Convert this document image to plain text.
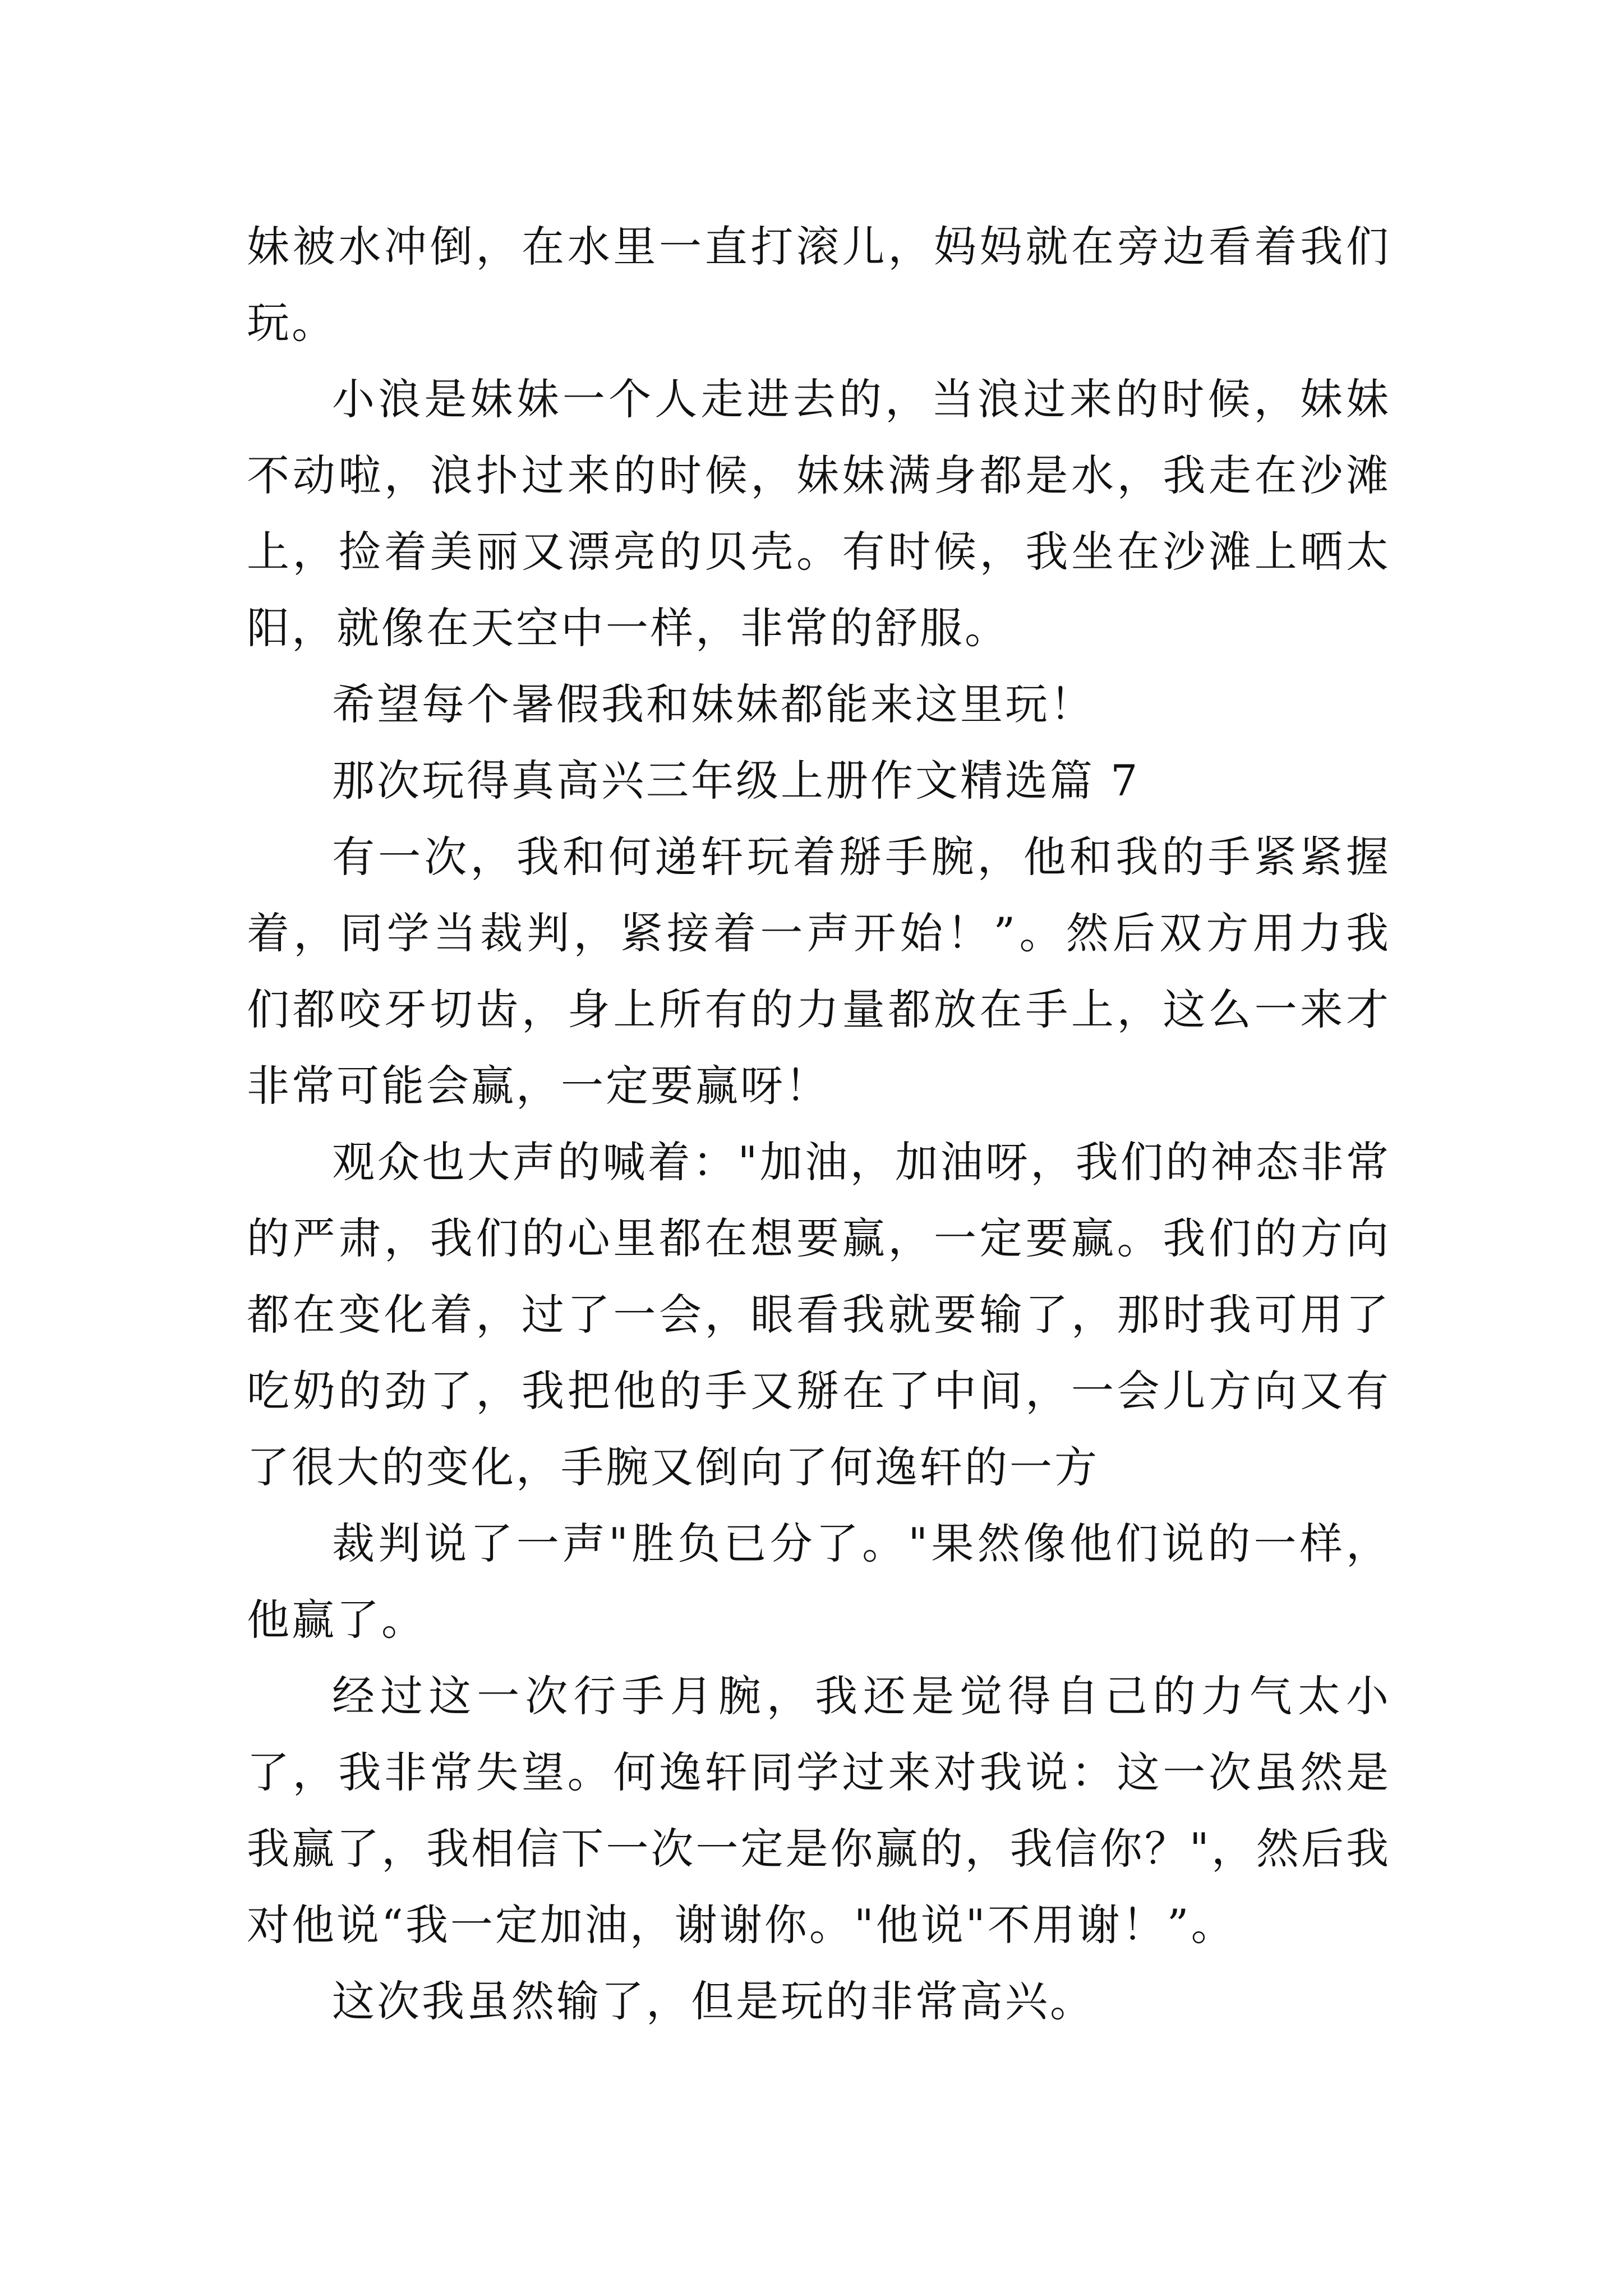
妹被水冲倒，在水里一直打滚儿，妈妈就在旁边看着我们玩。

小浪是妹妹一个人走进去的，当浪过来的时候，妹妹不动啦，浪扑过来的时候，妹妹满身都是水，我走在沙滩上，捡着美丽又漂亮的贝壳。有时候，我坐在沙滩上晒太阳，就像在天空中一样，非常的舒服。

希望每个暑假我和妹妹都能来这里玩！

那次玩得真高兴三年级上册作文精选篇 7

有一次，我和何递轩玩着掰手腕，他和我的手紧紧握着，同学当裁判，紧接着一声开始！”。然后双方用力我们都咬牙切齿，身上所有的力量都放在手上，这么一来才非常可能会赢，一定要赢呀！

观众也大声的喊着："加油，加油呀，我们的神态非常的严肃，我们的心里都在想要赢，一定要赢。我们的方向都在变化着，过了一会，眼看我就要输了，那时我可用了吃奶的劲了，我把他的手又掰在了中间，一会儿方向又有了很大的变化，手腕又倒向了何逸轩的一方

裁判说了一声"胜负已分了。"果然像他们说的一样，他赢了。

经过这一次行手月腕，我还是觉得自己的力气太小了，我非常失望。何逸轩同学过来对我说：这一次虽然是我赢了，我相信下一次一定是你赢的，我信你？"，然后我对他说“我一定加油，谢谢你。"他说"不用谢！”。

这次我虽然输了，但是玩的非常高兴。
